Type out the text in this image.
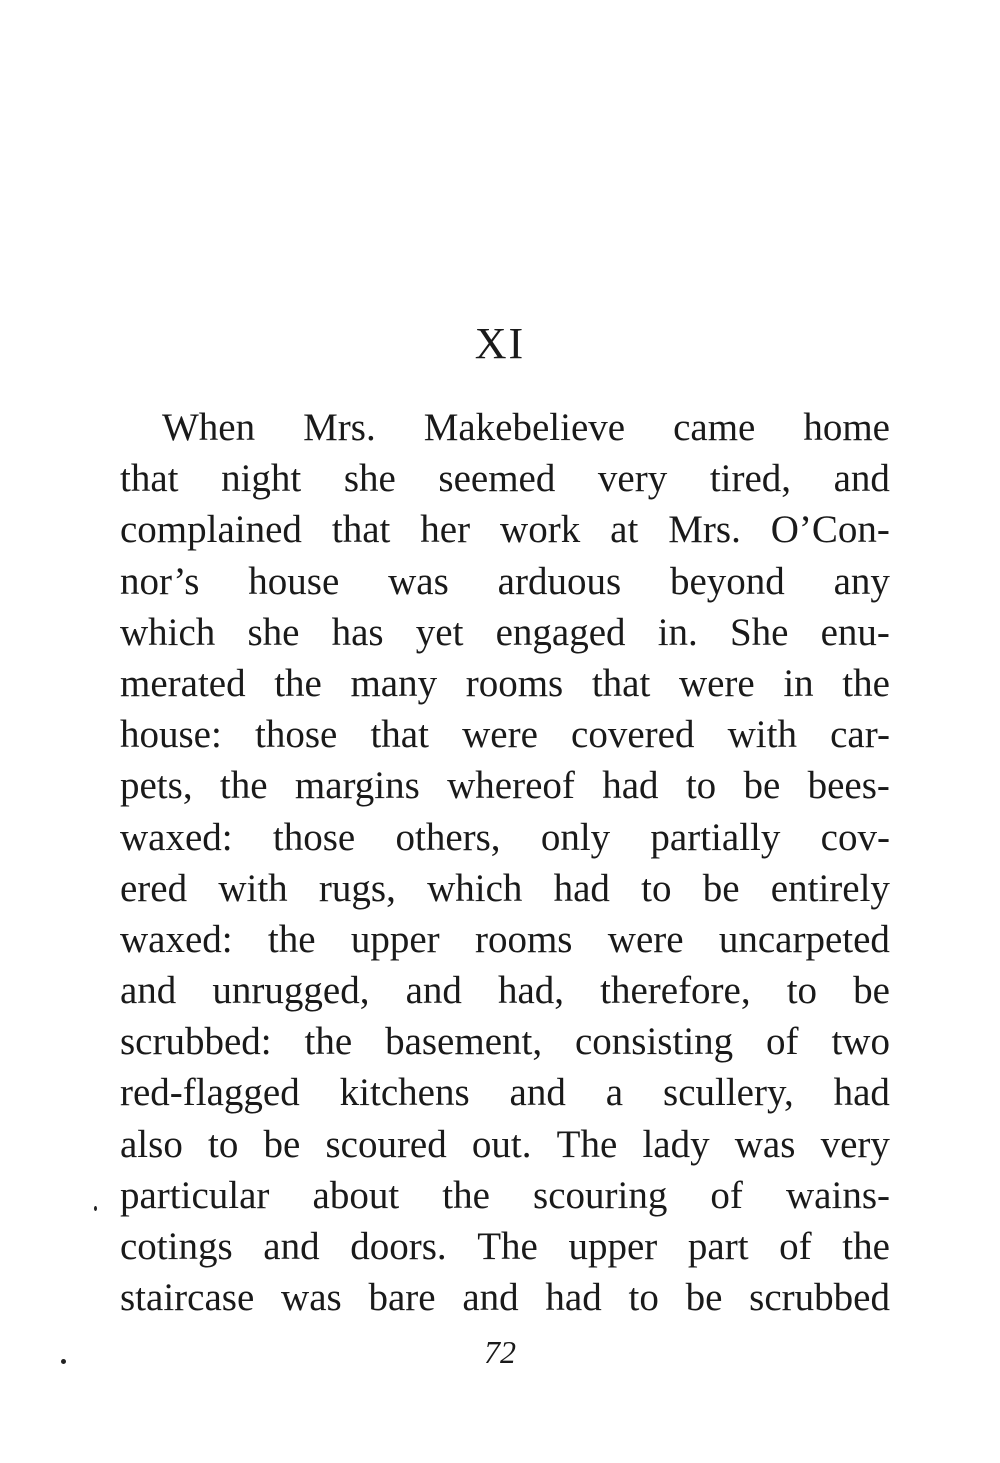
XI
When Mrs. Makebelieve came home
that night she seemed very tired, and
complained that her work at Mrs. O’Con-
nor’s house was arduous beyond any
which she has yet engaged in. She enu-
merated the many rooms that were in the
house: those that were covered with car-
pets, the margins whereof had to be bees-
waxed: those others, only partially cov-
ered with rugs, which had to be entirely
waxed: the upper rooms were uncarpeted
and unrugged, and had, therefore, to be
scrubbed: the basement, consisting of two
red-flagged kitchens and a scullery, had
also to be scoured out. The lady was very
particular about the scouring of wains-
cotings and doors. The upper part of the
staircase was bare and had to be scrubbed
72
